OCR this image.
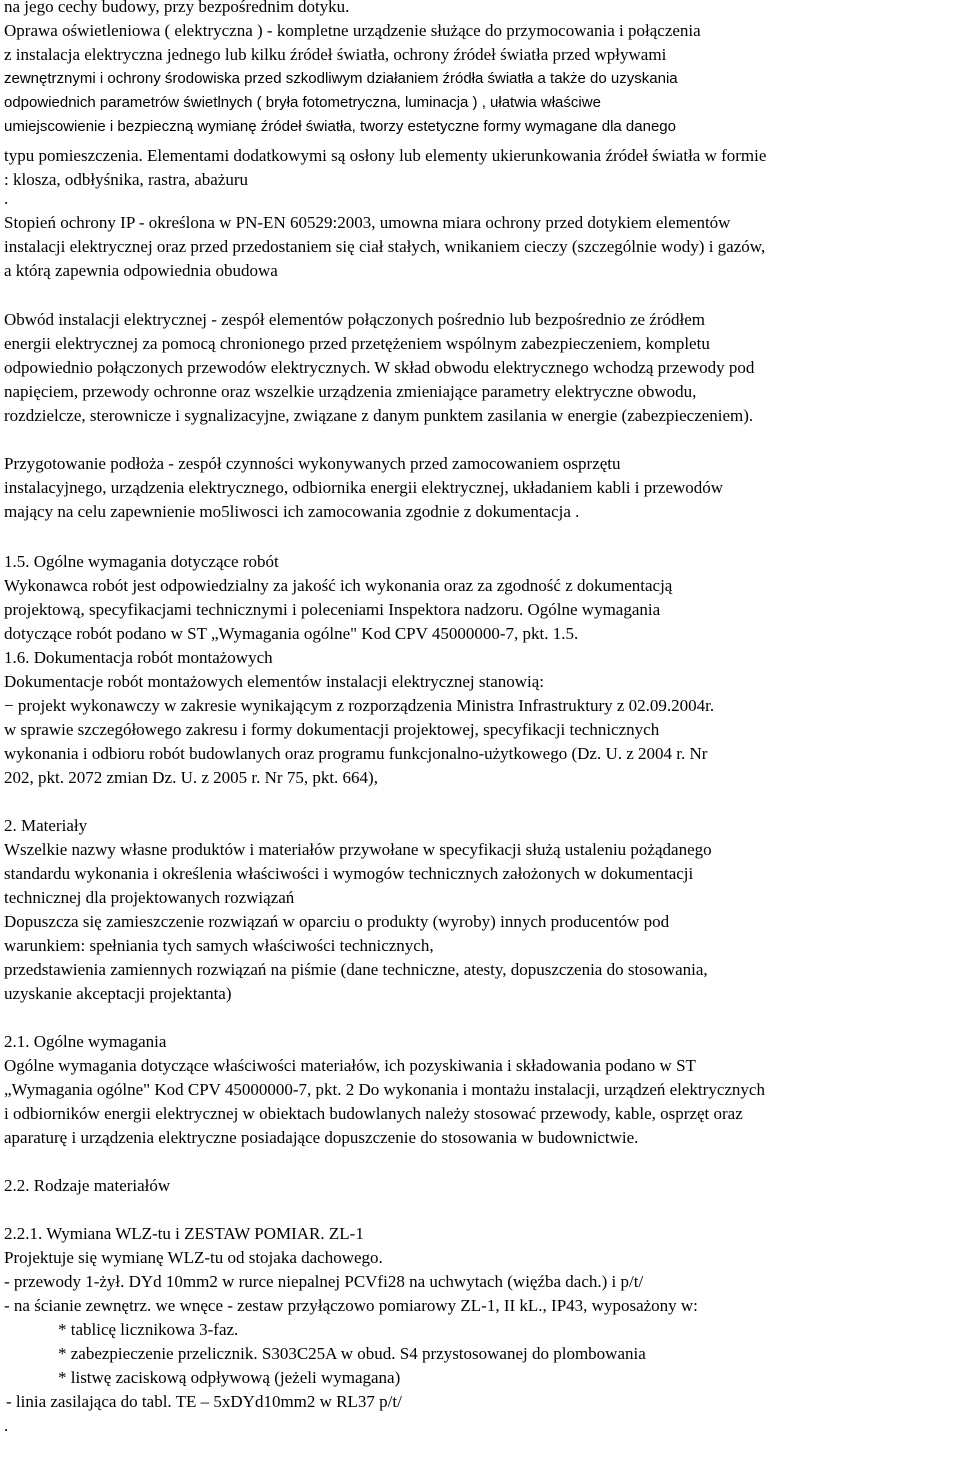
na jego cechy budowy, przy bezpośrednim dotyku.
Oprawa oświetleniowa ( elektryczna ) - kompletne urządzenie służące do przymocowania i połączenia
z instalacja elektryczna jednego lub kilku źródeł światła, ochrony źródeł światła przed wpływami
zewnętrznymi i ochrony środowiska przed szkodliwym działaniem źródła światła a także do uzyskania
odpowiednich parametrów świetlnych ( bryła fotometryczna, luminacja ) , ułatwia właściwe
umiejscowienie i bezpieczną wymianę źródeł światła, tworzy estetyczne formy wymagane dla danego
typu pomieszczenia. Elementami dodatkowymi są osłony lub elementy ukierunkowania źródeł światła w formie
: klosza, odbłyśnika, rastra, abażuru
.
Stopień ochrony IP - określona w PN-EN 60529:2003, umowna miara ochrony przed dotykiem elementów
instalacji elektrycznej oraz przed przedostaniem się ciał stałych, wnikaniem cieczy (szczególnie wody) i gazów,
a którą zapewnia odpowiednia obudowa
Obwód instalacji elektrycznej - zespół elementów połączonych pośrednio lub bezpośrednio ze źródłem
energii elektrycznej za pomocą chronionego przed przetężeniem wspólnym zabezpieczeniem, kompletu
odpowiednio połączonych przewodów elektrycznych. W skład obwodu elektrycznego wchodzą przewody pod
napięciem, przewody ochronne oraz wszelkie urządzenia zmieniające parametry elektryczne obwodu,
rozdzielcze, sterownicze i sygnalizacyjne, związane z danym punktem zasilania w energie (zabezpieczeniem).
Przygotowanie podłoża - zespół czynności wykonywanych przed zamocowaniem osprzętu
instalacyjnego, urządzenia elektrycznego, odbiornika energii elektrycznej, układaniem kabli i przewodów
mający na celu zapewnienie mo5liwosci ich zamocowania zgodnie z dokumentacja .
1.5. Ogólne wymagania dotyczące robót
Wykonawca robót jest odpowiedzialny za jakość ich wykonania oraz za zgodność z dokumentacją
projektową, specyfikacjami technicznymi i poleceniami Inspektora nadzoru. Ogólne wymagania
dotyczące robót podano w ST „Wymagania ogólne" Kod CPV 45000000-7, pkt. 1.5.
1.6. Dokumentacja robót montażowych
Dokumentacje robót montażowych elementów instalacji elektrycznej stanowią:
− projekt wykonawczy w zakresie wynikającym z rozporządzenia Ministra Infrastruktury z 02.09.2004r.
w sprawie szczegółowego zakresu i formy dokumentacji projektowej, specyfikacji technicznych
wykonania i odbioru robót budowlanych oraz programu funkcjonalno-użytkowego (Dz. U. z 2004 r. Nr
202, pkt. 2072 zmian Dz. U. z 2005 r. Nr 75, pkt. 664),
2. Materiały
Wszelkie nazwy własne produktów i materiałów przywołane w specyfikacji służą ustaleniu pożądanego
standardu wykonania i określenia właściwości i wymogów technicznych założonych w dokumentacji
technicznej dla projektowanych rozwiązań
Dopuszcza się zamieszczenie rozwiązań w oparciu o produkty (wyroby) innych producentów pod
warunkiem: spełniania tych samych właściwości technicznych,
przedstawienia zamiennych rozwiązań na piśmie (dane techniczne, atesty, dopuszczenia do stosowania,
uzyskanie akceptacji projektanta)
2.1. Ogólne wymagania
Ogólne wymagania dotyczące właściwości materiałów, ich pozyskiwania i składowania podano w ST
„Wymagania ogólne" Kod CPV 45000000-7, pkt. 2 Do wykonania i montażu instalacji, urządzeń elektrycznych
i odbiorników energii elektrycznej w obiektach budowlanych należy stosować przewody, kable, osprzęt oraz
aparaturę i urządzenia elektryczne posiadające dopuszczenie do stosowania w budownictwie.
2.2. Rodzaje materiałów
2.2.1. Wymiana WLZ-tu i ZESTAW POMIAR. ZL-1
Projektuje się wymianę WLZ-tu od stojaka dachowego.
- przewody 1-żył. DYd 10mm2 w rurce niepalnej PCVfi28 na uchwytach (więźba dach.) i p/t/
- na ścianie zewnętrz. we wnęce - zestaw przyłączowo pomiarowy ZL-1, II kL., IP43, wyposażony w:
* tablicę licznikowa 3-faz.
* zabezpieczenie przelicznik. S303C25A w obud. S4 przystosowanej do plombowania
* listwę zaciskową odpływową (jeżeli wymagana)
- linia zasilająca do tabl. TE – 5xDYd10mm2 w RL37 p/t/
.
